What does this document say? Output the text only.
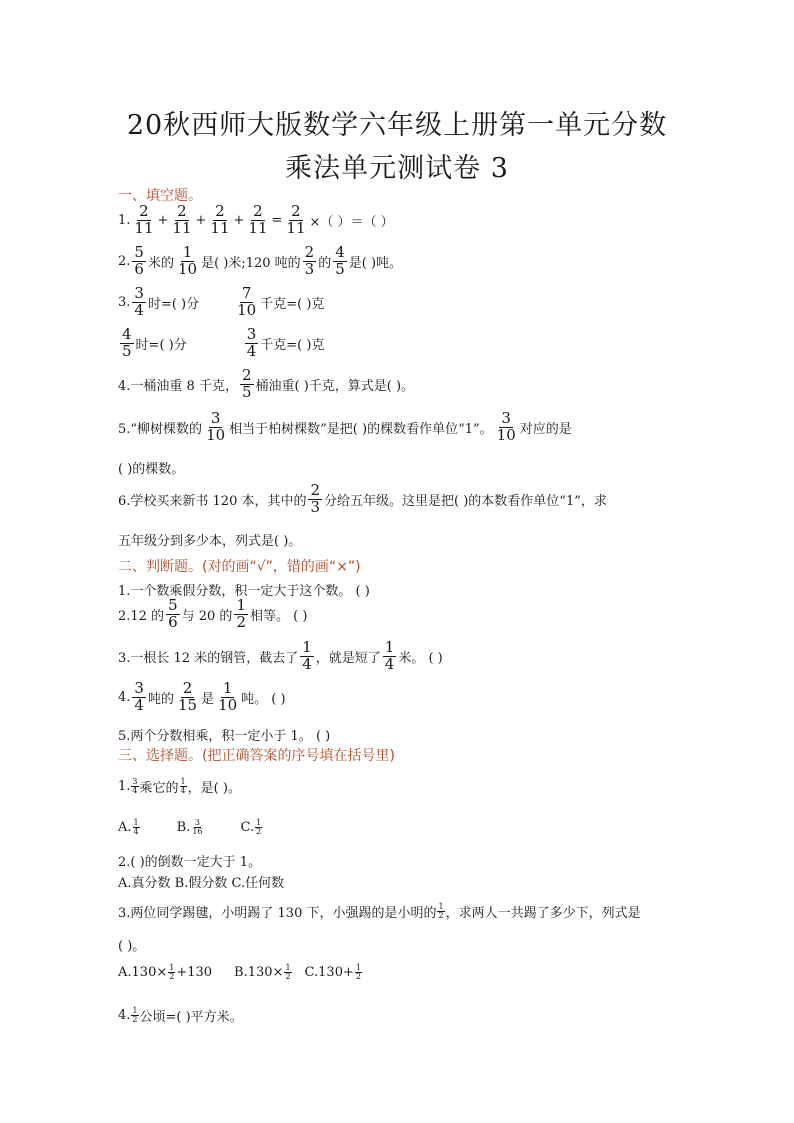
20秋西师大版数学六年级上册第一单元分数
乘法单元测试卷 3
一、填空题。
1. $\frac{2}{11} + \frac{2}{11} + \frac{2}{11} + \frac{2}{11} = \frac{2}{11}$ ×（ ）＝（ ）
2. $\frac{5}{6}$ 米的 $\frac{1}{10}$ 是( )米;120 吨的 $\frac{2}{3}$ 的 $\frac{4}{5}$ 是( )吨。
3. $\frac{3}{4}$ 时=( )分 $\frac{7}{10}$ 千克=( )克
$\frac{4}{5}$ 时=( )分	$\frac{3}{4}$ 千克=( )克
4.一桶油重 8 千克， $\frac{2}{5}$ 桶油重( )千克，算式是( )。
5.“柳树棵数的 $\frac{3}{10}$ 相当于柏树棵数”是把( )的棵数看作单位“1”。 $\frac{3}{10}$ 对应的是
( )的棵数。
6.学校买来新书 120 本，其中的 $\frac{2}{3}$ 分给五年级。这里是把( )的本数看作单位“1”，求
五年级分到多少本，列式是( )。
二、判断题。(对的画“√”，错的画“×”)
1.一个数乘假分数，积一定大于这个数。 ( )
2.12 的 $\frac{5}{6}$ 与 20 的 $\frac{1}{2}$ 相等。 ( )
3.一根长 12 米的钢管，截去了 $\frac{1}{4}$ ，就是短了 $\frac{1}{4}$ 米。 ( )
4. $\frac{3}{4}$ 吨的 $\frac{2}{15}$ 是 $\frac{1}{10}$ 吨。 ( )
5.两个分数相乘，积一定小于 1。 ( )
三、选择题。(把正确答案的序号填在括号里)
1. $\frac{3}{4}$ 乘它的 $\frac{1}{4}$ ，是( )。
A. $\frac{1}{4}$	B. $\frac{3}{16}$	C. $\frac{1}{2}$
2.( )的倒数一定大于 1。
A.真分数 B.假分数 C.任何数
3.两位同学踢毽，小明踢了 130 下，小强踢的是小明的 $\frac{1}{2}$ ，求两人一共踢了多少下，列式是
( )。
$A.130\times \frac{1}{2} +130$ $B.130\times \frac{1}{2} C.130+ \frac{1}{2}$
4. $\frac{1}{2}$ 公顷=( )平方米。
